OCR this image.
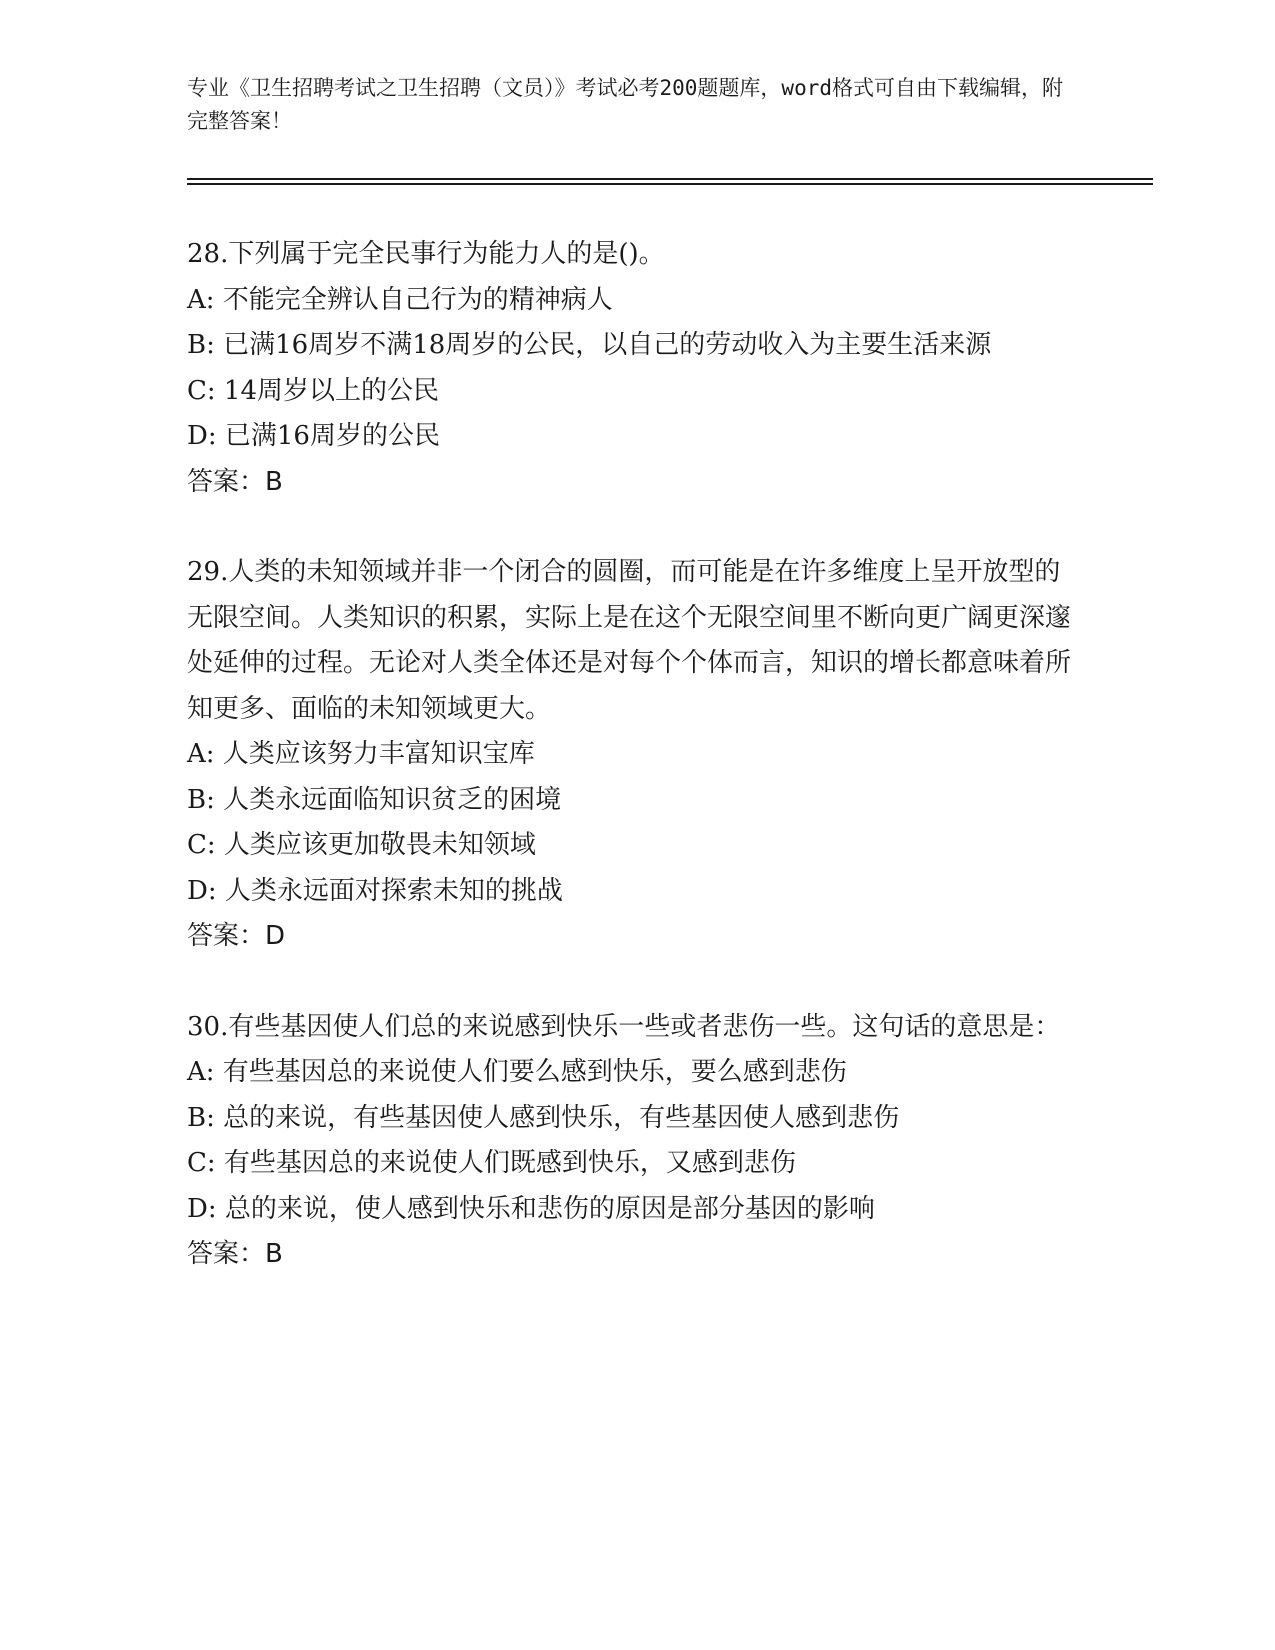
专业《卫生招聘考试之卫生招聘（文员）》考试必考200题题库，word格式可自由下载编辑，附完整答案！

28.下列属于完全民事行为能力人的是()。

A: 不能完全辨认自己行为的精神病人

B: 已满16周岁不满18周岁的公民，以自己的劳动收入为主要生活来源

C: 14周岁以上的公民

D: 已满16周岁的公民

答案：B

29.人类的未知领域并非一个闭合的圆圈，而可能是在许多维度上呈开放型的无限空间。人类知识的积累，实际上是在这个无限空间里不断向更广阔更深邃处延伸的过程。无论对人类全体还是对每个个体而言，知识的增长都意味着所知更多、面临的未知领域更大。

A: 人类应该努力丰富知识宝库

B: 人类永远面临知识贫乏的困境

C: 人类应该更加敬畏未知领域

D: 人类永远面对探索未知的挑战

答案：D

30.有些基因使人们总的来说感到快乐一些或者悲伤一些。这句话的意思是：

A: 有些基因总的来说使人们要么感到快乐，要么感到悲伤

B: 总的来说，有些基因使人感到快乐，有些基因使人感到悲伤

C: 有些基因总的来说使人们既感到快乐，又感到悲伤

D: 总的来说，使人感到快乐和悲伤的原因是部分基因的影响

答案：B
